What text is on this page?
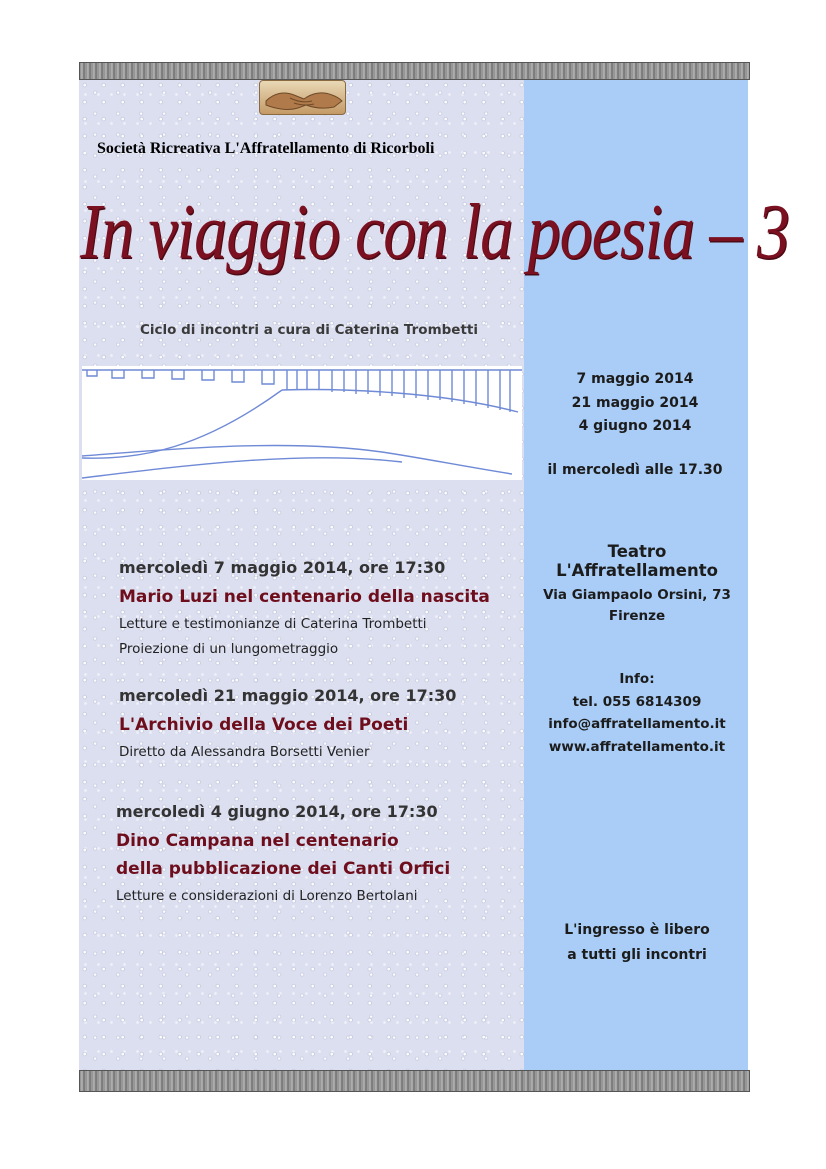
Società Ricreativa L'Affratellamento di Ricorboli
In viaggio con la poesia – 3
Ciclo di incontri a cura di Caterina Trombetti
7 maggio 2014
21 maggio 2014
4 giugno 2014
il mercoledì alle 17.30
Teatro L'Affratellamento
Via Giampaolo Orsini, 73
Firenze
Info:
tel. 055 6814309
info@affratellamento.it
www.affratellamento.it
L'ingresso è libero
a tutti gli incontri
mercoledì 7 maggio 2014, ore 17:30
Mario Luzi nel centenario della nascita
Letture e testimonianze di Caterina Trombetti
Proiezione di un lungometraggio
mercoledì 21 maggio 2014, ore 17:30
L'Archivio della Voce dei Poeti
Diretto da Alessandra Borsetti Venier
mercoledì 4 giugno 2014, ore 17:30
Dino Campana nel centenario
della pubblicazione dei Canti Orfici
Letture e considerazioni di Lorenzo Bertolani
